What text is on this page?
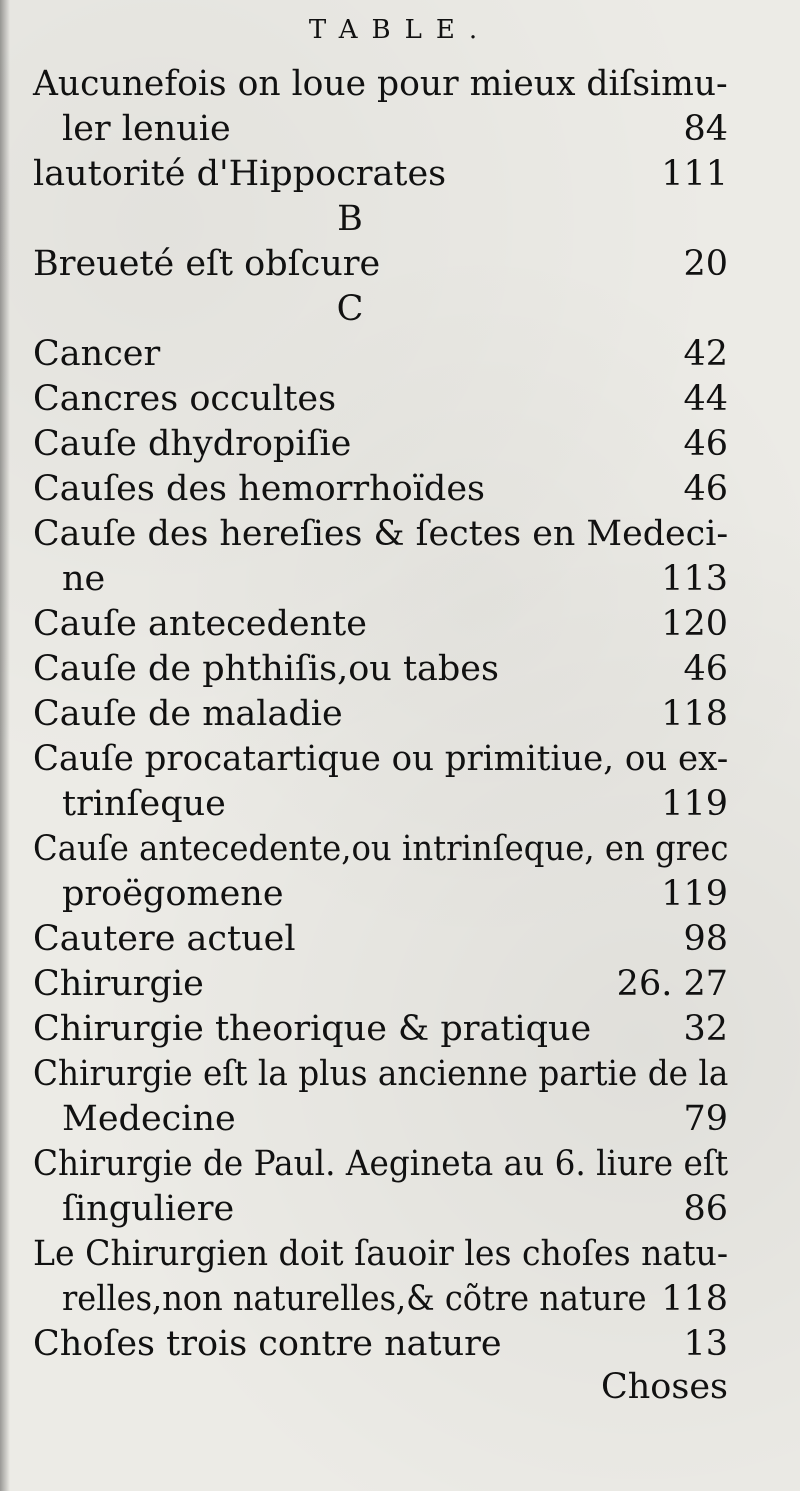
TABLE.
Aucunefois on loue pour mieux diſsimu-
ler lenuie	84
lautorité d'Hippocrates	111
B
Breueté eſt obſcure	20
C
Cancer	42
Cancres occultes	44
Cauſe dhydropiſie	46
Cauſes des hemorrhoïdes	46
Cauſe des hereſies & ſectes en Medeci-
ne	113
Cauſe antecedente	120
Cauſe de phthiſis,ou tabes	46
Cauſe de maladie	118
Cauſe procatartique ou primitiue, ou ex-
trinſeque	119
Cauſe antecedente,ou intrinſeque, en grec
proëgomene	119
Cautere actuel	98
Chirurgie	26. 27
Chirurgie theorique & pratique	32
Chirurgie eſt la plus ancienne partie de la
Medecine	79
Chirurgie de Paul. Aegineta au 6. liure eſt
ſinguliere	86
Le Chirurgien doit ſauoir les choſes natu-
relles,non naturelles,& cõtre nature 118
Choſes trois contre nature	13
Choses
